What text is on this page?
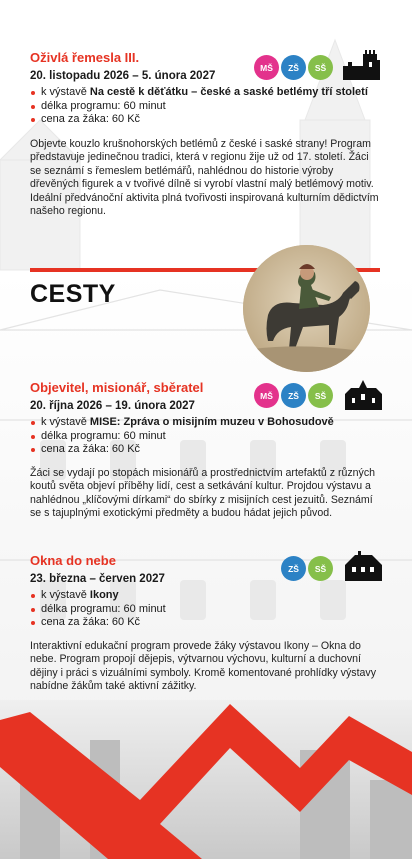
Oživlá řemesla III.
20. listopadu 2026 – 5. února 2027
k výstavě Na cestě k děťátku – české a saské betlémy tří století
délka programu: 60 minut
cena za žáka: 60 Kč

Objevte kouzlo krušnohorských betlémů z české i saské strany! Program představuje jedinečnou tradici, která v regionu žije už od 17. století. Žáci se seznámí s řemeslem betlémářů, nahlédnou do historie výroby dřevěných figurek a v tvořivé dílně si vyrobí vlastní malý betlémový motiv. Ideální předvánoční aktivita plná tvořivosti inspirovaná kulturním dědictvím našeho regionu.

MŠ	ZŠ	SŠ
CESTY
Objevitel, misionář, sběratel
20. října 2026 – 19. února 2027
k výstavě MISE: Zpráva o misijním muzeu v Bohosudově
délka programu: 60 minut
cena za žáka: 60 Kč

Žáci se vydají po stopách misionářů a prostřednictvím artefaktů z různých koutů světa objeví příběhy lidí, cest a setkávání kultur. Projdou výstavu a nahlédnou „klíčovými dírkami“ do sbírky z misijních cest jezuitů. Seznámí se s tajuplnými exotickými předměty a budou hádat jejich původ.

MŠ	ZŠ	SŠ
Okna do nebe
23. března – červen 2027
k výstavě Ikony
délka programu: 60 minut
cena za žáka: 60 Kč

Interaktivní edukační program provede žáky výstavou Ikony – Okna do nebe. Program propojí dějepis, výtvarnou výchovu, kulturní a duchovní dějiny i práci s vizuálními symboly. Kromě komentované prohlídky výstavy nabídne žákům také aktivní zážitky.

ZŠ	SŠ
